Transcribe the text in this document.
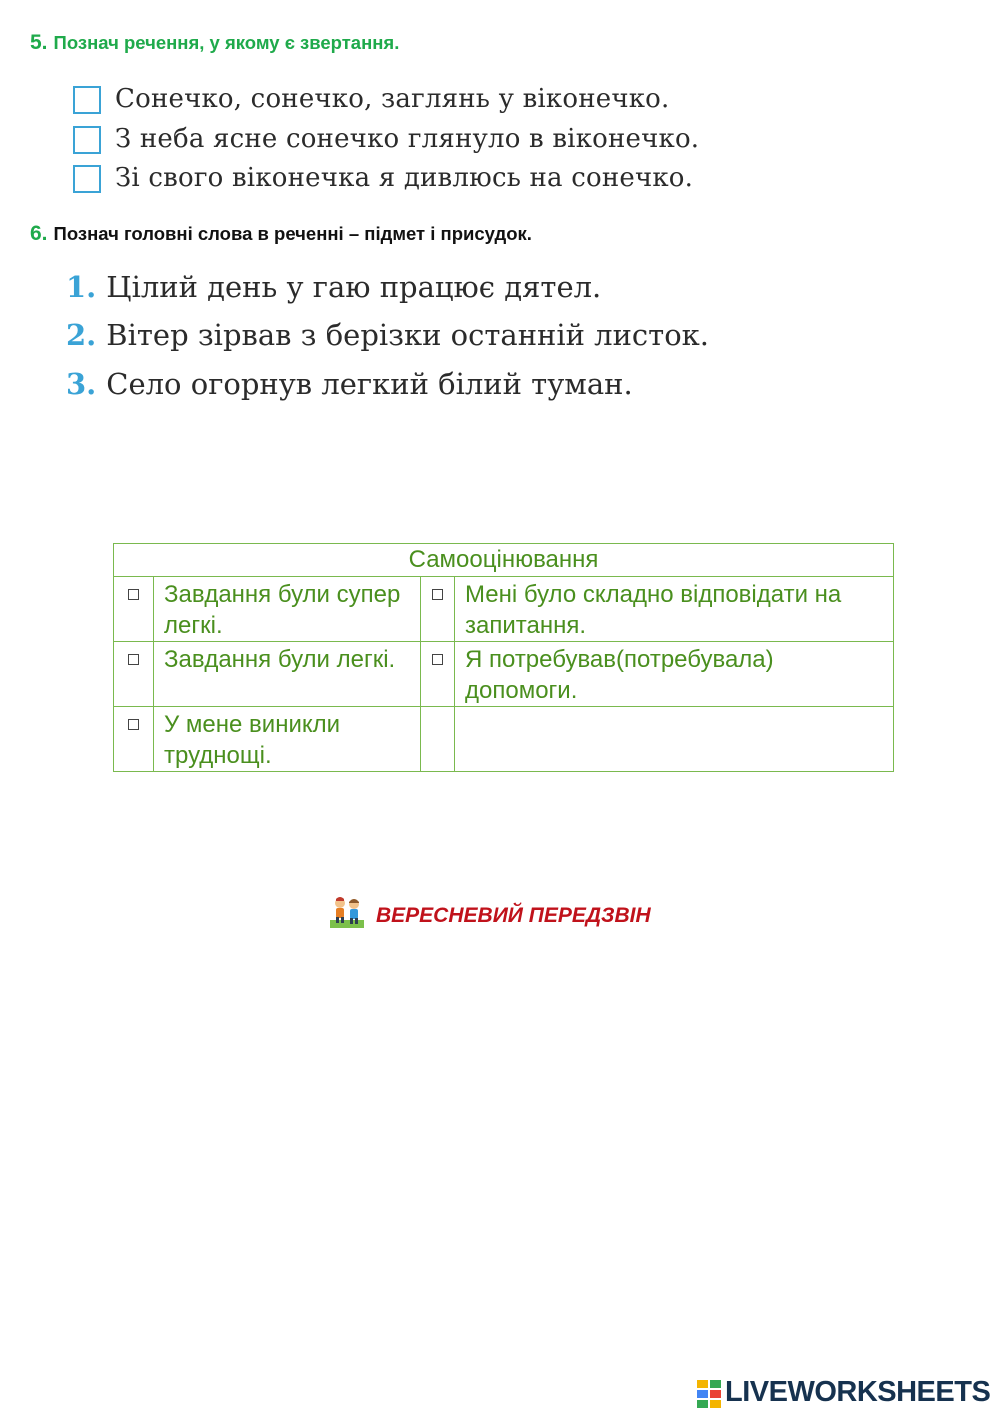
5. Познач речення, у якому є звертання.
Сонечко, сонечко, заглянь у віконечко.
З неба ясне сонечко глянуло в віконечко.
Зі свого віконечка я дивлюсь на сонечко.
6. Познач головні слова в реченні – підмет і присудок.
1. Цілий день у гаю працює дятел.
2. Вітер зірвав з берізки останній листок.
3. Село огорнув легкий білий туман.
Самооцінювання			
	Завдання були супер легкі.		Мені було складно відповідати на запитання.
	Завдання були легкі.		Я потребував(потребувала) допомоги.
	У мене виникли труднощі.		
ВЕРЕСНЕВИЙ ПЕРЕДЗВІН
LIVEWORKSHEETS
